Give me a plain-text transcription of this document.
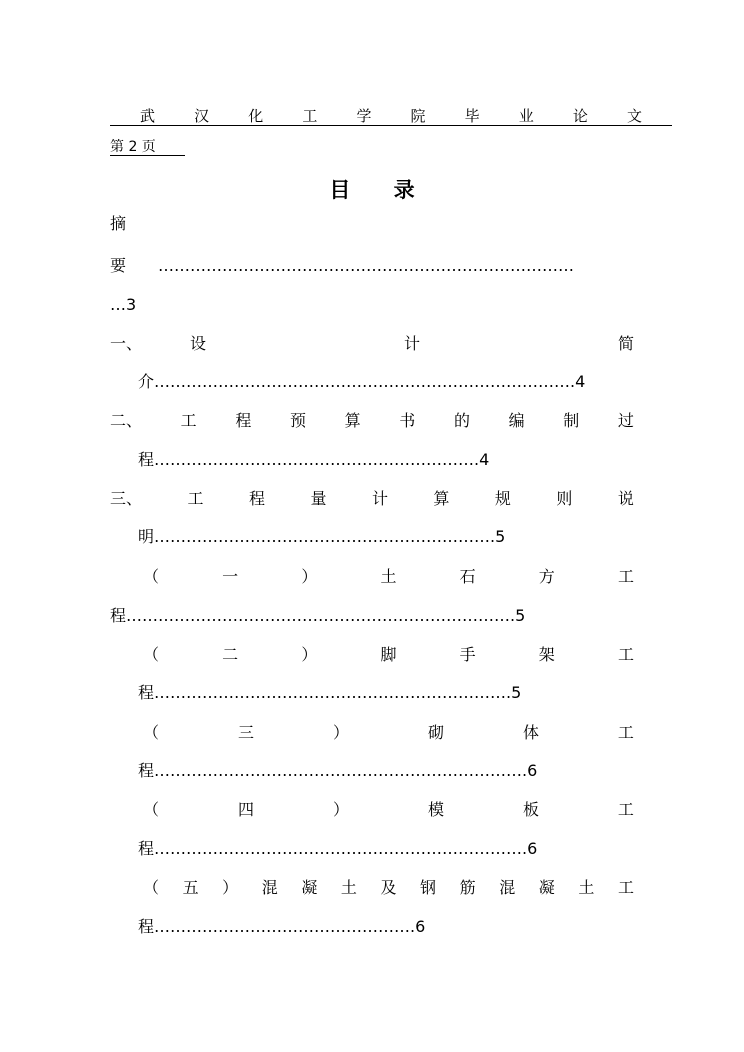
武	汉	化	工	学	院	毕	业	论	文
第 2 页
目 录
摘
要 ……………………………………………………………………
…3
一、	设	计	简
介…………………………………………………………………….4
二、 工 程 预 算 书 的 编 制 过
程…………………………………………………….4
三、	工	程	量	计	算	规	则	说
明……………………………………………………….5
（	一	）	土	石	方	工
程……………………………………………………………….5
（	二	）	脚	手	架	工
程………………………………………………………….5
（	三	）	砌	体	工
程…………………………………………………………….6
（	四	）	模	板	工
程…………………………………………………………….6
（ 五 ） 混 凝 土 及 钢 筋 混 凝 土 工
程………………………………………….6
